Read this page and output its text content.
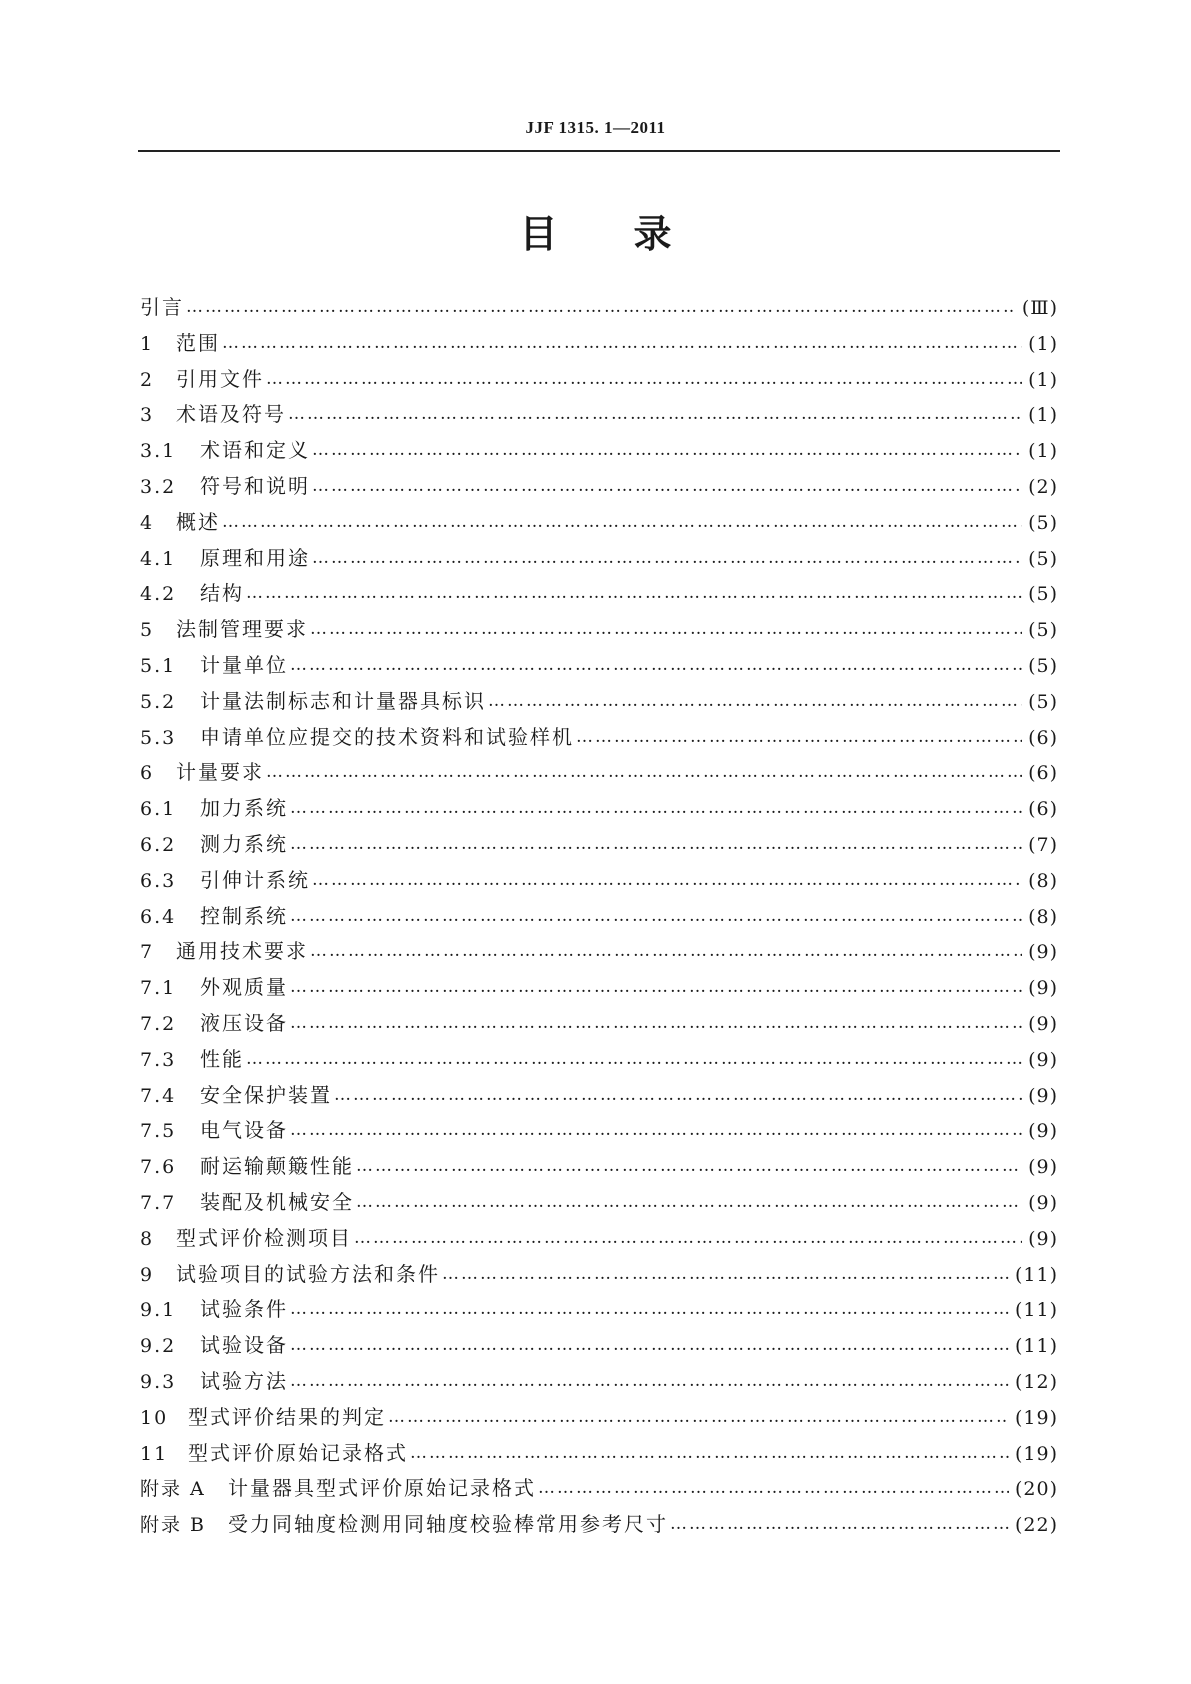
JJF 1315. 1—2011
目 录
引言 ……………………………………………………………………………………………………………………………………………………………………………………	(Ⅲ)
1	范围 ……………………………………………………………………………………………………………………………………………………………………………………	(1)
2	引用文件 ……………………………………………………………………………………………………………………………………………………………………………………	(1)
3	术语及符号 ……………………………………………………………………………………………………………………………………………………………………………………	(1)
3.1	术语和定义 ……………………………………………………………………………………………………………………………………………………………………………………	(1)
3.2	符号和说明 ……………………………………………………………………………………………………………………………………………………………………………………	(2)
4	概述 ……………………………………………………………………………………………………………………………………………………………………………………	(5)
4.1	原理和用途 ……………………………………………………………………………………………………………………………………………………………………………………	(5)
4.2	结构 ……………………………………………………………………………………………………………………………………………………………………………………	(5)
5	法制管理要求 ……………………………………………………………………………………………………………………………………………………………………………………	(5)
5.1	计量单位 ……………………………………………………………………………………………………………………………………………………………………………………	(5)
5.2	计量法制标志和计量器具标识 ……………………………………………………………………………………………………………………………………………………………………………………	(5)
5.3	申请单位应提交的技术资料和试验样机 ……………………………………………………………………………………………………………………………………………………………………………………	(6)
6	计量要求 ……………………………………………………………………………………………………………………………………………………………………………………	(6)
6.1	加力系统 ……………………………………………………………………………………………………………………………………………………………………………………	(6)
6.2	测力系统 ……………………………………………………………………………………………………………………………………………………………………………………	(7)
6.3	引伸计系统 ……………………………………………………………………………………………………………………………………………………………………………………	(8)
6.4	控制系统 ……………………………………………………………………………………………………………………………………………………………………………………	(8)
7	通用技术要求 ……………………………………………………………………………………………………………………………………………………………………………………	(9)
7.1	外观质量 ……………………………………………………………………………………………………………………………………………………………………………………	(9)
7.2	液压设备 ……………………………………………………………………………………………………………………………………………………………………………………	(9)
7.3	性能 ……………………………………………………………………………………………………………………………………………………………………………………	(9)
7.4	安全保护装置 ……………………………………………………………………………………………………………………………………………………………………………………	(9)
7.5	电气设备 ……………………………………………………………………………………………………………………………………………………………………………………	(9)
7.6	耐运输颠簸性能 ……………………………………………………………………………………………………………………………………………………………………………………	(9)
7.7	装配及机械安全 ……………………………………………………………………………………………………………………………………………………………………………………	(9)
8	型式评价检测项目 ……………………………………………………………………………………………………………………………………………………………………………………	(9)
9	试验项目的试验方法和条件 ……………………………………………………………………………………………………………………………………………………………………………………	(11)
9.1	试验条件 ……………………………………………………………………………………………………………………………………………………………………………………	(11)
9.2	试验设备 ……………………………………………………………………………………………………………………………………………………………………………………	(11)
9.3	试验方法 ……………………………………………………………………………………………………………………………………………………………………………………	(12)
10 型式评价结果的判定 ……………………………………………………………………………………………………………………………………………………………………………………	(19)
11 型式评价原始记录格式 ……………………………………………………………………………………………………………………………………………………………………………………	(19)
附录 A	计量器具型式评价原始记录格式 ……………………………………………………………………………………………………………………………………………………………………………………	(20)
附录 B	受力同轴度检测用同轴度校验棒常用参考尺寸 ……………………………………………………………………………………………………………………………………………………………………………………	(22)
